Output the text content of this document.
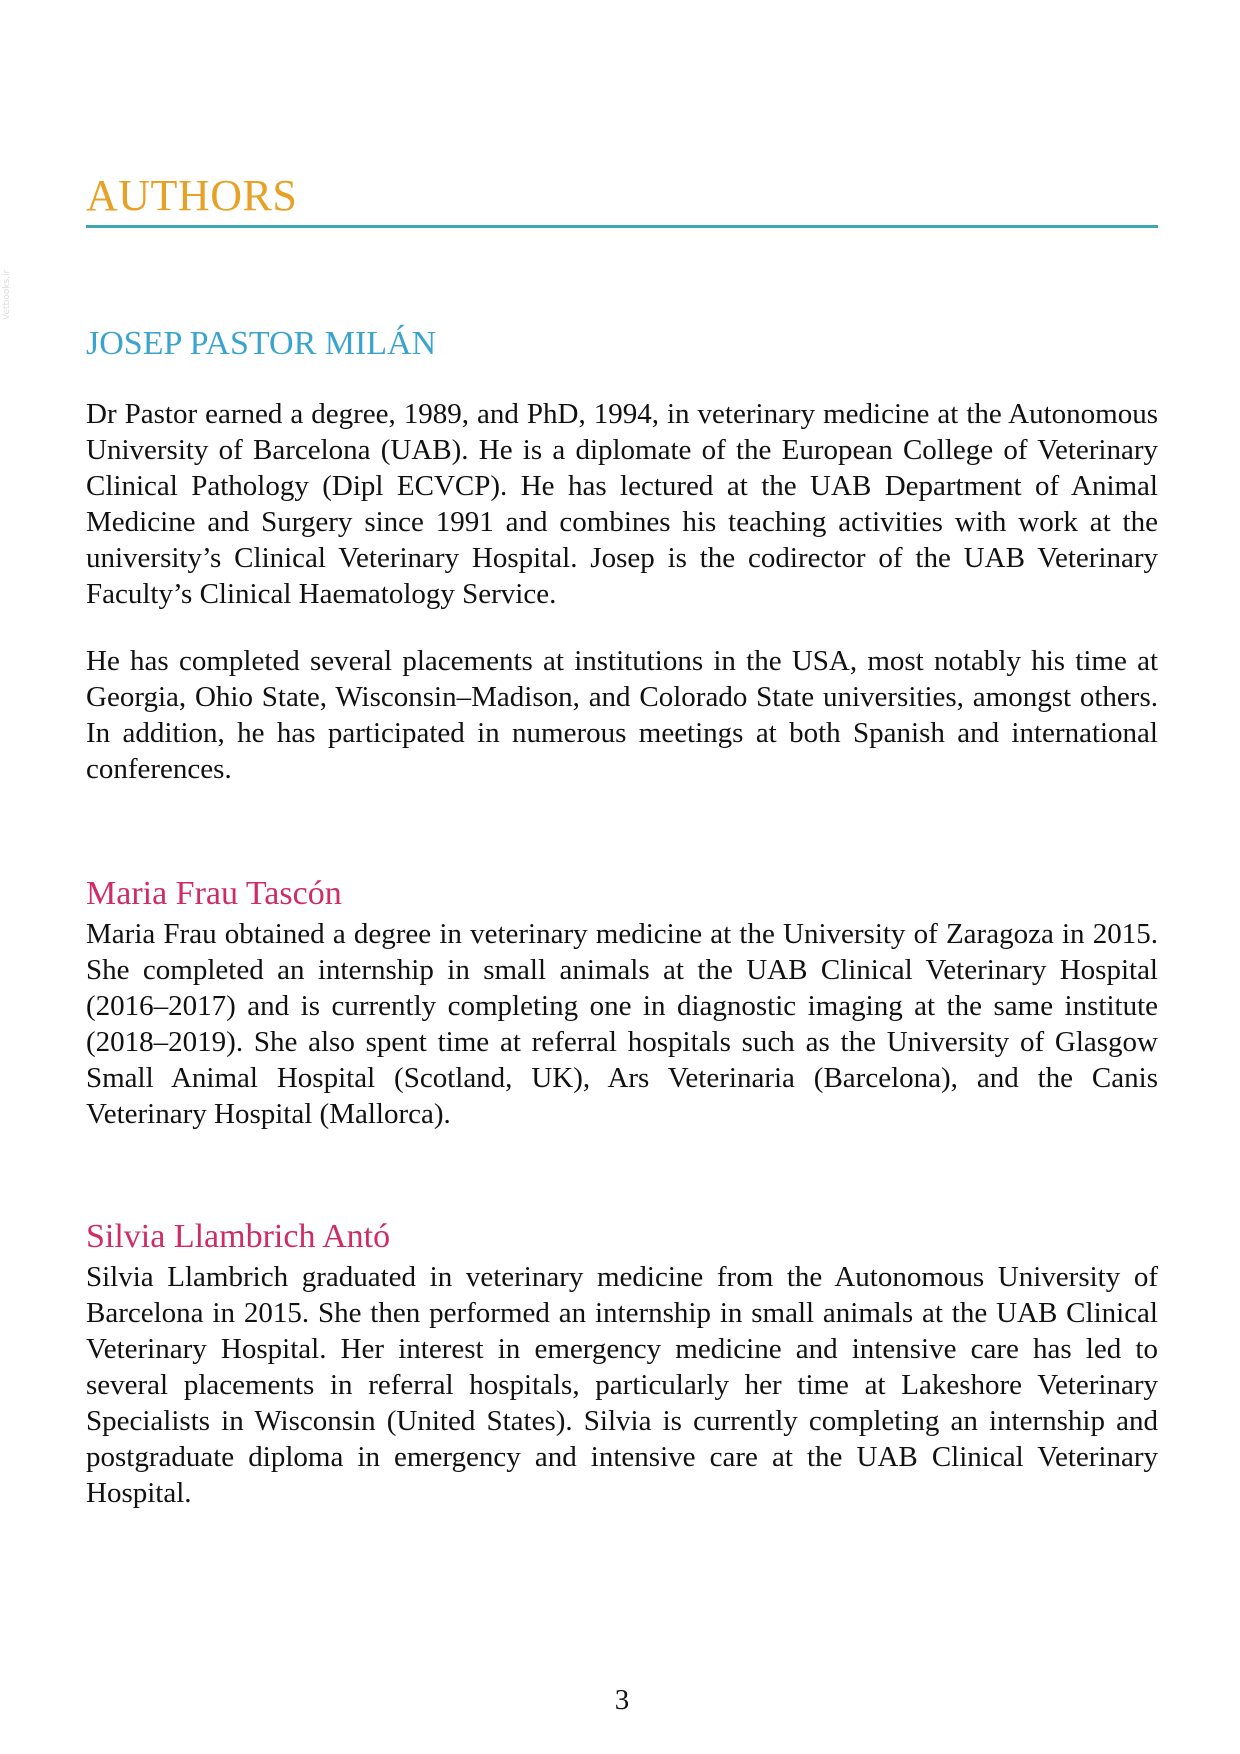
Vetbooks.ir
AUTHORS
JOSEP PASTOR MILÁN

Dr Pastor earned a degree, 1989, and PhD, 1994, in veterinary medicine at the Autonomous University of Barcelona (UAB). He is a diplomate of the European College of Veterinary Clinical Pathology (Dipl ECVCP). He has lectured at the UAB Department of Animal Medicine and Surgery since 1991 and combines his teaching activities with work at the university’s Clinical Veterinary Hospital. Josep is the codirector of the UAB Veterinary Faculty’s Clinical Haematology Service.

He has completed several placements at institutions in the USA, most notably his time at Georgia, Ohio State, Wisconsin–Madison, and Colorado State universities, amongst others. In addition, he has participated in numerous meetings at both Spanish and international conferences.

Maria Frau Tascón

Maria Frau obtained a degree in veterinary medicine at the University of Zaragoza in 2015. She completed an internship in small animals at the UAB Clinical Veterinary Hospital (2016–2017) and is currently completing one in diagnostic imaging at the same institute (2018–2019). She also spent time at referral hospitals such as the University of Glasgow Small Animal Hospital (Scotland, UK), Ars Veterinaria (Barcelona), and the Canis Veterinary Hospital (Mallorca).

Silvia Llambrich Antó

Silvia Llambrich graduated in veterinary medicine from the Autonomous University of Barcelona in 2015. She then performed an internship in small animals at the UAB Clinical Veterinary Hospital. Her interest in emergency medicine and intensive care has led to several placements in referral hospitals, particularly her time at Lakeshore Veterinary Specialists in Wisconsin (United States). Silvia is currently completing an internship and postgraduate diploma in emergency and intensive care at the UAB Clinical Veterinary Hospital.

3
